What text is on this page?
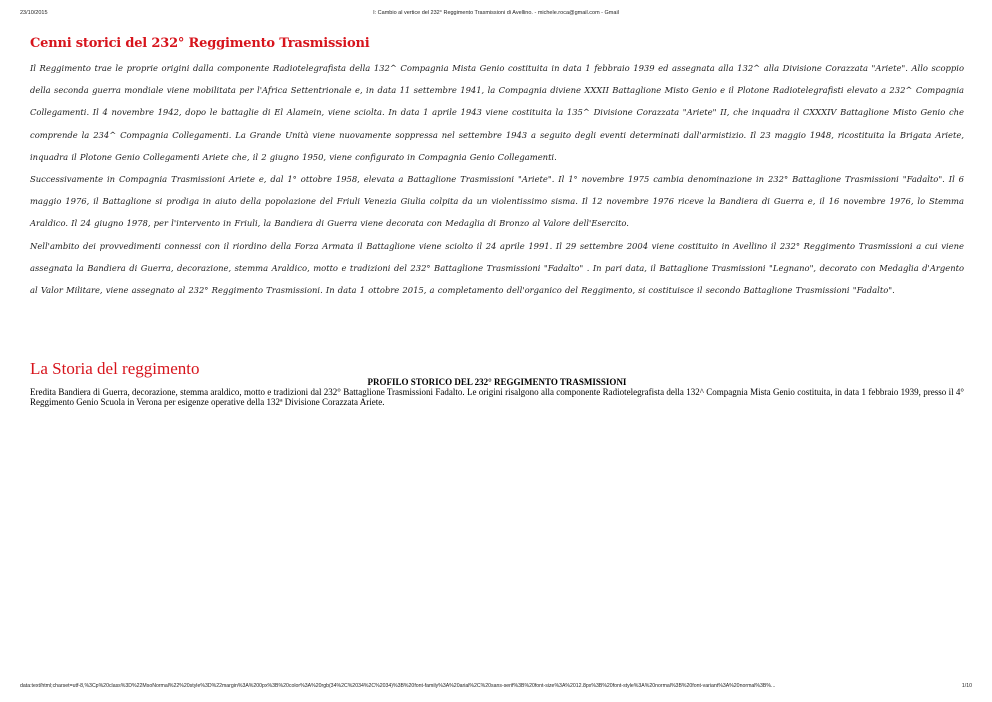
23/10/2015	I: Cambio al vertice del 232° Reggimento Trasmissioni di Avellino. - michele.roca@gmail.com - Gmail
Cenni storici del 232° Reggimento Trasmissioni

Il Reggimento trae le proprie origini dalla componente Radiotelegrafista della 132^ Compagnia Mista Genio costituita in data 1 febbraio 1939 ed assegnata alla 132^ alla Divisione Corazzata "Ariete". Allo scoppio della seconda guerra mondiale viene mobilitata per l'Africa Settentrionale e, in data 11 settembre 1941, la Compagnia diviene XXXII Battaglione Misto Genio e il Plotone Radiotelegrafisti elevato a 232^ Compagnia Collegamenti. Il 4 novembre 1942, dopo le battaglie di El Alamein, viene sciolta. In data 1 aprile 1943 viene costituita la 135^ Divisione Corazzata "Ariete" II, che inquadra il CXXXIV Battaglione Misto Genio che comprende la 234^ Compagnia Collegamenti. La Grande Unità viene nuovamente soppressa nel settembre 1943 a seguito degli eventi determinati dall'armistizio. Il 23 maggio 1948, ricostituita la Brigata Ariete, inquadra il Plotone Genio Collegamenti Ariete che, il 2 giugno 1950, viene configurato in Compagnia Genio Collegamenti.

Successivamente in Compagnia Trasmissioni Ariete e, dal 1° ottobre 1958, elevata a Battaglione Trasmissioni "Ariete". Il 1° novembre 1975 cambia denominazione in 232° Battaglione Trasmissioni "Fadalto". Il 6 maggio 1976, il Battaglione si prodiga in aiuto della popolazione del Friuli Venezia Giulia colpita da un violentissimo sisma. Il 12 novembre 1976 riceve la Bandiera di Guerra e, il 16 novembre 1976, lo Stemma Araldico. Il 24 giugno 1978, per l'intervento in Friuli, la Bandiera di Guerra viene decorata con Medaglia di Bronzo al Valore dell'Esercito.

Nell'ambito dei provvedimenti connessi con il riordino della Forza Armata il Battaglione viene sciolto il 24 aprile 1991. Il 29 settembre 2004 viene costituito in Avellino il 232° Reggimento Trasmissioni a cui viene assegnata la Bandiera di Guerra, decorazione, stemma Araldico, motto e tradizioni del 232° Battaglione Trasmissioni "Fadalto" . In pari data, il Battaglione Trasmissioni "Legnano", decorato con Medaglia d'Argento al Valor Militare, viene assegnato al 232° Reggimento Trasmissioni. In data 1 ottobre 2015, a completamento dell'organico del Reggimento, si costituisce il secondo Battaglione Trasmissioni "Fadalto".

La Storia del reggimento
PROFILO STORICO DEL 232° REGGIMENTO TRASMISSIONI

Eredita Bandiera di Guerra, decorazione, stemma araldico, motto e tradizioni dal 232° Battaglione Trasmissioni Fadalto. Le origini risalgono alla componente Radiotelegrafista della 132^ Compagnia Mista Genio costituita, in data 1 febbraio 1939, presso il 4° Reggimento Genio Scuola in Verona per esigenze operative della 132ª Divisione Corazzata Ariete.

data:text/html;charset=utf-8,%3Cp%20class%3D%22MsoNormal%22%20style%3D%22margin%3A%200px%3B%20color%3A%20rgb(34%2C%2034%2C%2034)%3B%20font-family%3A%20arial%2C%20sans-serif%3B%20font-size%3A%2012.8px%3B%20font-style%3A%20normal%3B%20font-variant%3A%20normal%3B%...	1/10
